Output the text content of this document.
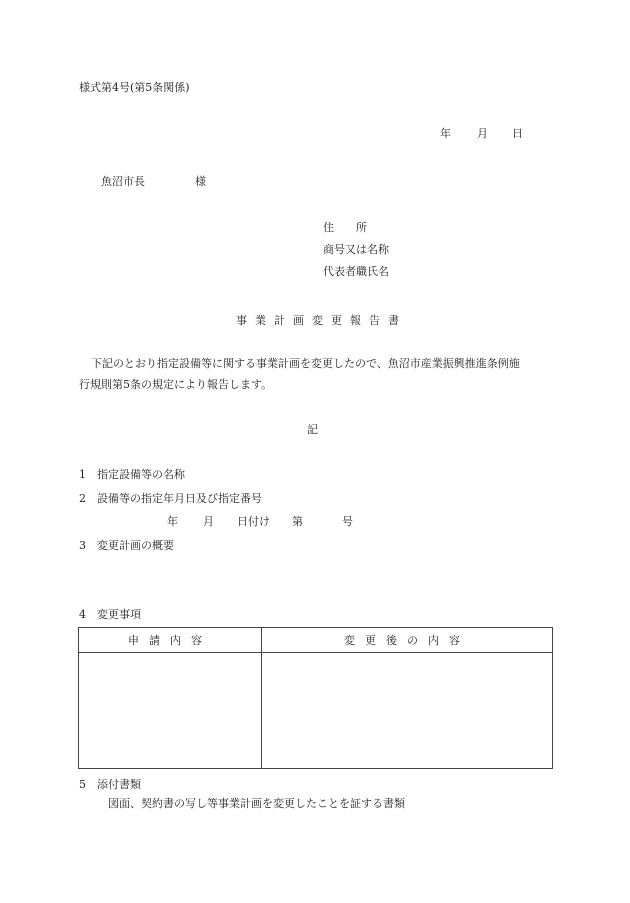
様式第4号(第5条関係)
年 月 日
魚沼市長	様
住　　所
商号又は名称
代表者職氏名
事業計画変更報告書
下記のとおり指定設備等に関する事業計画を変更したので、魚沼市産業振興推進条例施
行規則第5条の規定により報告します。
記
1　指定設備等の名称
2　設備等の指定年月日及び指定番号
年 月 日付け 第	号
3　変更計画の概要
4　変更事項
申請内容	変更後の内容

5　添付書類
図面、契約書の写し等事業計画を変更したことを証する書類
